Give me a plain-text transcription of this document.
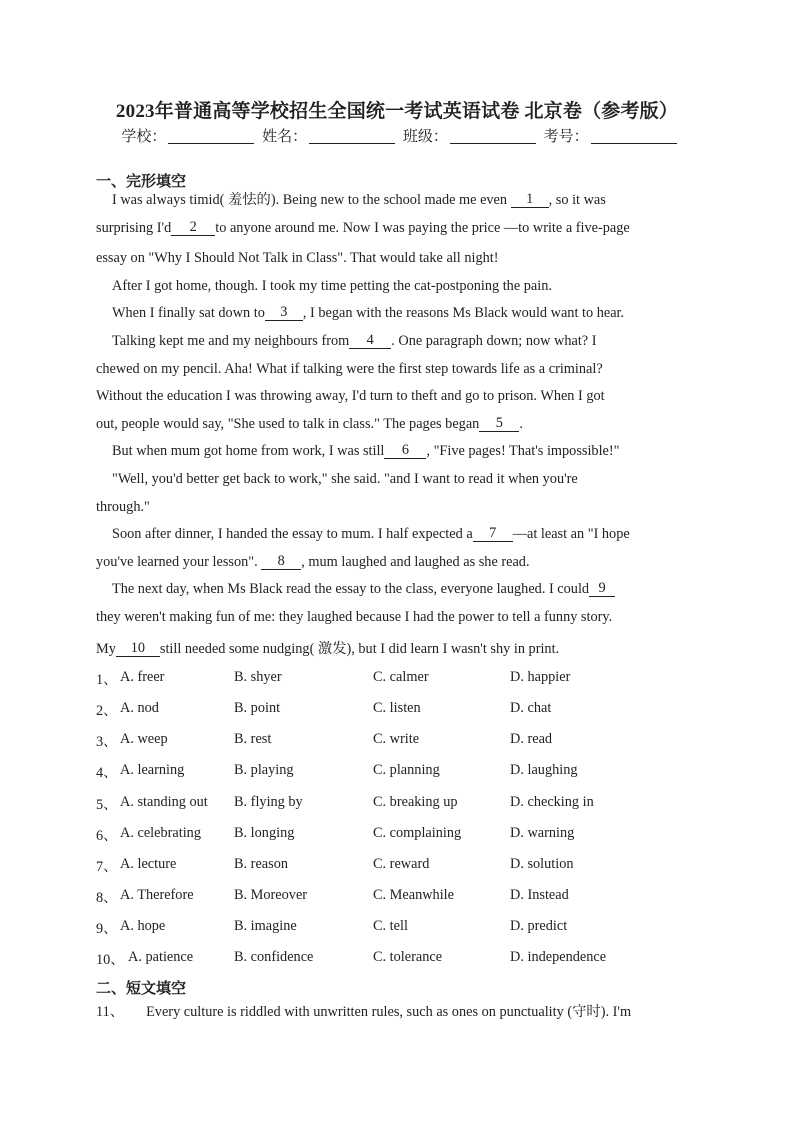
2023年普通高等学校招生全国统一考试英语试卷 北京卷（参考版）
学校：	姓名：	班级：	考号：
一、完形填空
I was always timid( 羞怯的). Being new to the school made me even 1 , so it was
surprising I'd 2 to anyone around me. Now I was paying the price —to write a five-page
essay on "Why I Should Not Talk in Class". That would take all night!
After I got home, though. I took my time petting the cat-postponing the pain.
When I finally sat down to 3 , I began with the reasons Ms Black would want to hear.
Talking kept me and my neighbours from 4 . One paragraph down; now what? I
chewed on my pencil. Aha! What if talking were the first step towards life as a criminal?
Without the education I was throwing away, I'd turn to theft and go to prison. When I got
out, people would say, "She used to talk in class." The pages began 5 .
But when mum got home from work, I was still 6 , "Five pages! That's impossible!"
"Well, you'd better get back to work," she said. "and I want to read it when you're
through."
Soon after dinner, I handed the essay to mum. I half expected a 7 —at least an "I hope
you've learned your lesson". 8 , mum laughed and laughed as she read.
The next day, when Ms Black read the essay to the class, everyone laughed. I could 9
they weren't making fun of me: they laughed because I had the power to tell a funny story.
My 10 still needed some nudging( 激发), but I did learn I wasn't shy in print.
1、 A. freer	B. shyer	C. calmer	D. happier
2、 A. nod	B. point	C. listen	D. chat
3、 A. weep	B. rest	C. write	D. read
4、 A. learning	B. playing	C. planning	D. laughing
5、 A. standing out B. flying by	C. breaking up	D. checking in
6、 A. celebrating B. longing	C. complaining	D. warning
7、 A. lecture	B. reason	C. reward	D. solution
8、 A. Therefore	B. Moreover	C. Meanwhile	D. Instead
9、 A. hope	B. imagine	C. tell	D. predict
10、 A. patience	B. confidence	C. tolerance	D. independence
二、短文填空
11、 Every culture is riddled with unwritten rules, such as ones on punctuality (守时). I'm
